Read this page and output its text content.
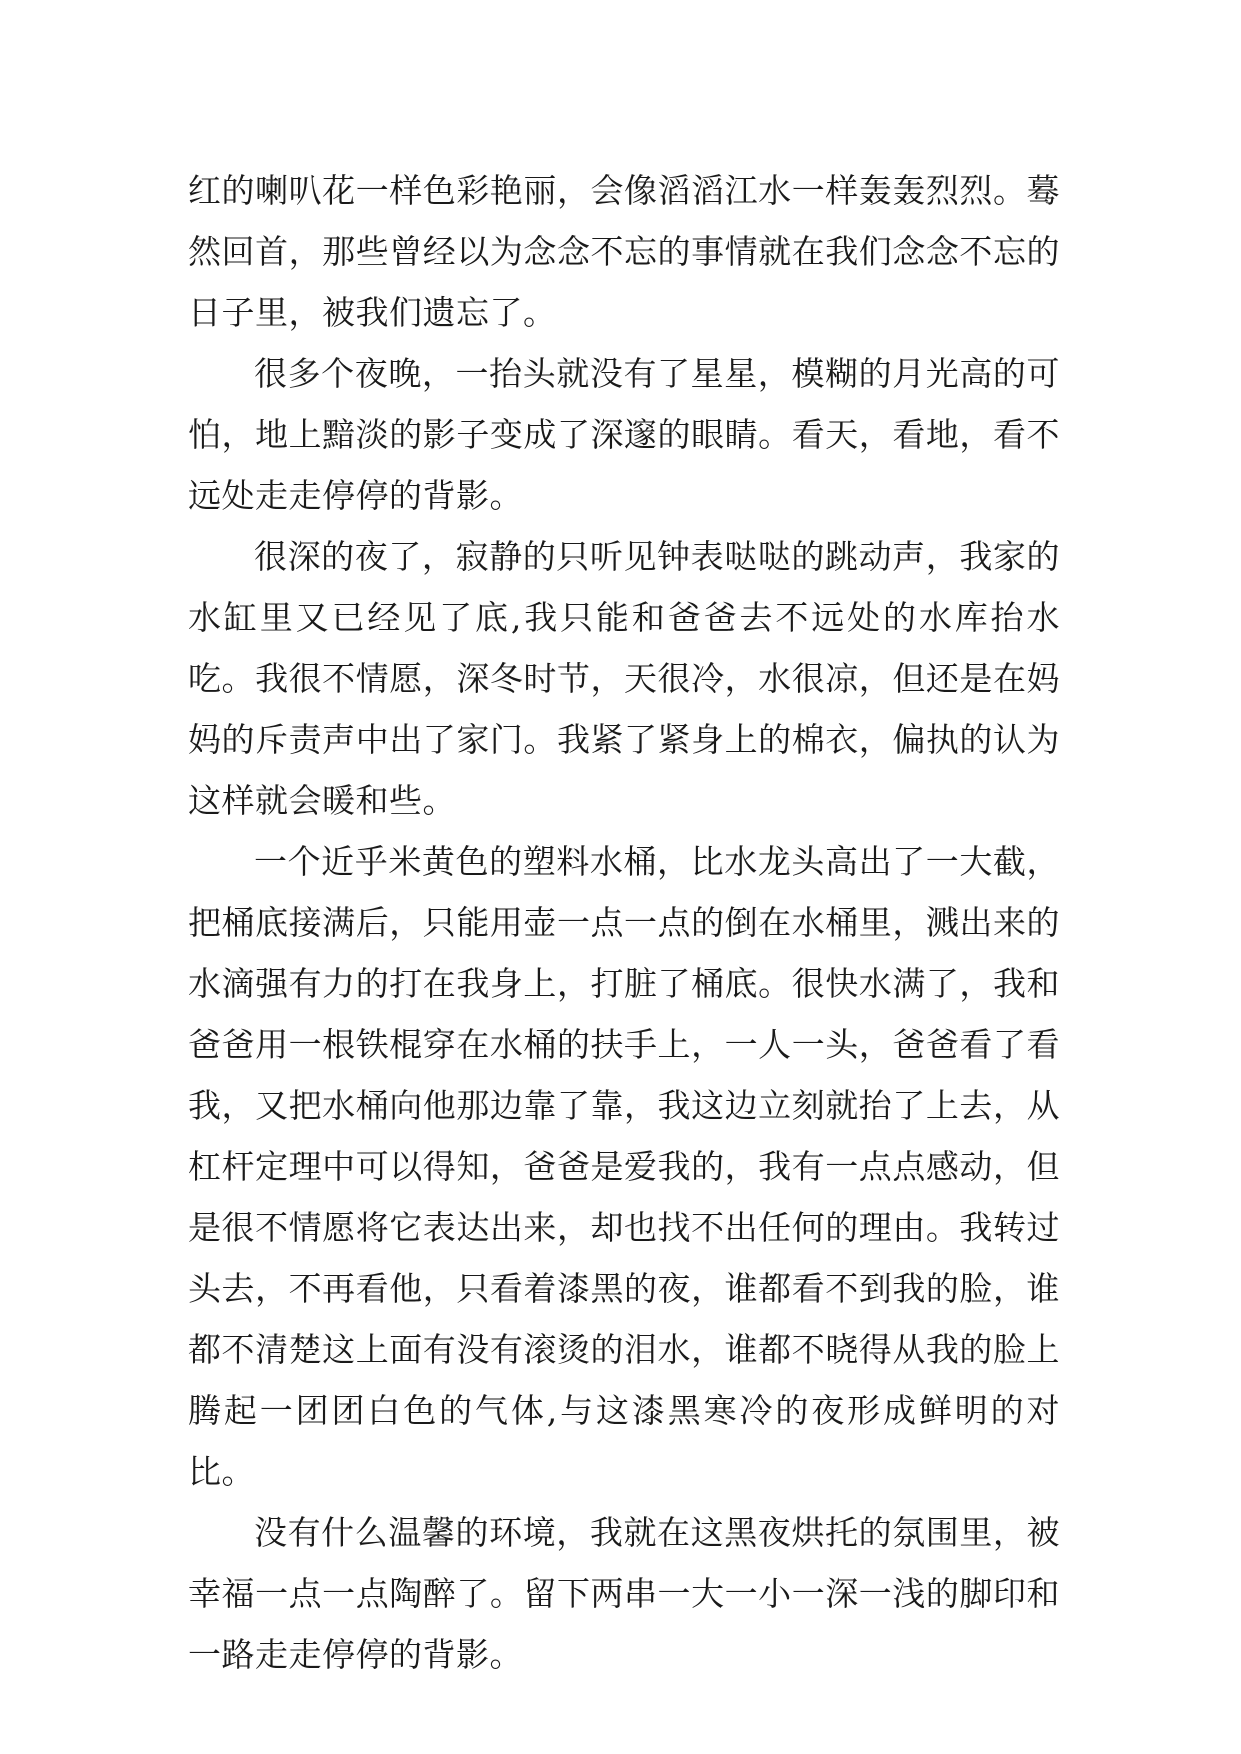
红的喇叭花一样色彩艳丽，会像滔滔江水一样轰轰烈烈。蓦然回首，那些曾经以为念念不忘的事情就在我们念念不忘的日子里，被我们遗忘了。

很多个夜晚，一抬头就没有了星星，模糊的月光高的可怕，地上黯淡的影子变成了深邃的眼睛。看天，看地，看不远处走走停停的背影。

很深的夜了，寂静的只听见钟表哒哒的跳动声，我家的水缸里又已经见了底,我只能和爸爸去不远处的水库抬水吃。我很不情愿，深冬时节，天很冷，水很凉，但还是在妈妈的斥责声中出了家门。我紧了紧身上的棉衣，偏执的认为这样就会暖和些。

一个近乎米黄色的塑料水桶，比水龙头高出了一大截，把桶底接满后，只能用壶一点一点的倒在水桶里，溅出来的水滴强有力的打在我身上，打脏了桶底。很快水满了，我和爸爸用一根铁棍穿在水桶的扶手上，一人一头，爸爸看了看我，又把水桶向他那边靠了靠，我这边立刻就抬了上去，从杠杆定理中可以得知，爸爸是爱我的，我有一点点感动，但是很不情愿将它表达出来，却也找不出任何的理由。我转过头去，不再看他，只看着漆黑的夜，谁都看不到我的脸，谁都不清楚这上面有没有滚烫的泪水，谁都不晓得从我的脸上腾起一团团白色的气体,与这漆黑寒冷的夜形成鲜明的对比。

没有什么温馨的环境，我就在这黑夜烘托的氛围里，被幸福一点一点陶醉了。留下两串一大一小一深一浅的脚印和一路走走停停的背影。
